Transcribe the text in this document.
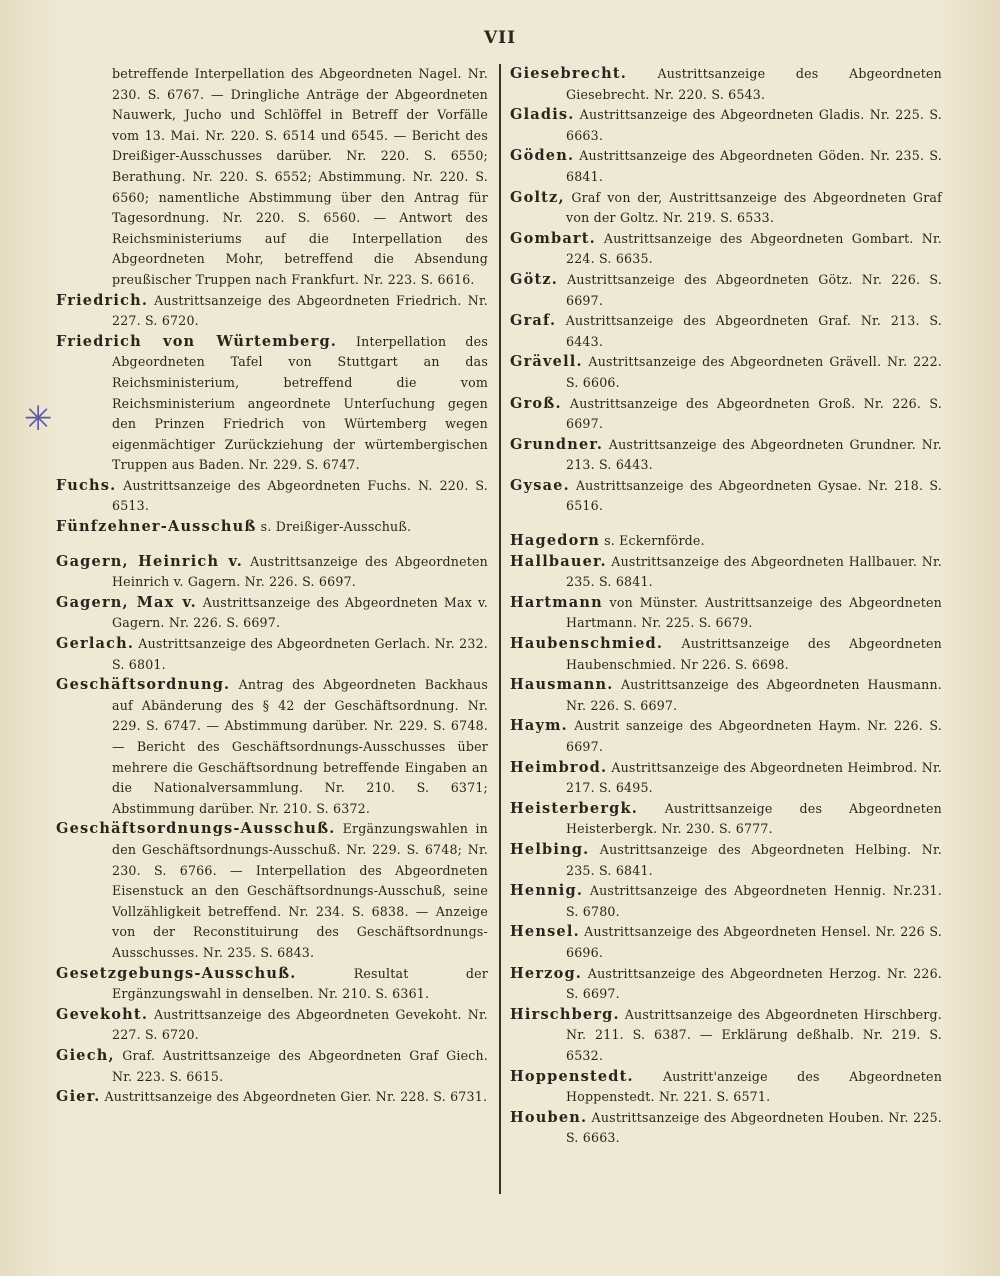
VII
✳

betreffende Interpellation des Abgeordneten Nagel. Nr. 230. S. 6767. — Dringliche Anträge der Abgeordneten Nauwerk, Jucho und Schlöffel in Betreff der Vorfälle vom 13. Mai. Nr. 220. S. 6514 und 6545. — Bericht des Dreißiger-Ausschusses darüber. Nr. 220. S. 6550; Berathung. Nr. 220. S. 6552; Abstimmung. Nr. 220. S. 6560; namentliche Abstimmung über den Antrag für Tagesordnung. Nr. 220. S. 6560. — Antwort des Reichsministeriums auf die Interpellation des Abgeordneten Mohr, betreffend die Absendung preußischer Truppen nach Frankfurt. Nr. 223. S. 6616.

Friedrich. Austrittsanzeige des Abgeordneten Friedrich. Nr. 227. S. 6720.

Friedrich von Würtemberg. Interpellation des Abgeordneten Tafel von Stuttgart an das Reichsministerium, betreffend die vom Reichsministerium angeordnete Unterſuchung gegen den Prinzen Friedrich von Würtemberg wegen eigenmächtiger Zurückziehung der würtembergischen Truppen aus Baden. Nr. 229. S. 6747.

Fuchs. Austrittsanzeige des Abgeordneten Fuchs. N. 220. S. 6513.

Fünfzehner-Ausschuß s. Dreißiger-Ausschuß.

Gagern, Heinrich v. Austrittsanzeige des Abgeordneten Heinrich v. Gagern. Nr. 226. S. 6697.

Gagern, Max v. Austrittsanzeige des Abgeordneten Max v. Gagern. Nr. 226. S. 6697.

Gerlach. Austrittsanzeige des Abgeordneten Gerlach. Nr. 232. S. 6801.

Geschäftsordnung. Antrag des Abgeordneten Backhaus auf Abänderung des § 42 der Geschäftsordnung. Nr. 229. S. 6747. — Abstimmung darüber. Nr. 229. S. 6748. — Bericht des Geschäftsordnungs-Ausschusses über mehrere die Geschäftsordnung betreffende Eingaben an die Nationalversammlung. Nr. 210. S. 6371; Abstimmung darüber. Nr. 210. S. 6372.

Geschäftsordnungs-Ausschuß. Ergänzungswahlen in den Geschäftsordnungs-Ausschuß. Nr. 229. S. 6748; Nr. 230. S. 6766. — Interpellation des Abgeordneten Eisenstuck an den Geschäftsordnungs-Ausschuß, seine Vollzähligkeit betreffend. Nr. 234. S. 6838. — Anzeige von der Reconstituirung des Geschäftsordnungs-Ausschusses. Nr. 235. S. 6843.

Gesetzgebungs-Ausschuß.	Resultat der Ergänzungswahl in denselben. Nr. 210. S. 6361.

Gevekoht. Austrittsanzeige des Abgeordneten Gevekoht. Nr. 227. S. 6720.

Giech, Graf. Austrittsanzeige des Abgeordneten Graf Giech. Nr. 223. S. 6615.

Gier. Austrittsanzeige des Abgeordneten Gier. Nr. 228. S. 6731.

Giesebrecht. Austrittsanzeige des Abgeordneten Giesebrecht. Nr. 220. S. 6543.

Gladis. Austrittsanzeige des Abgeordneten Gladis. Nr. 225. S. 6663.

Göden. Austrittsanzeige des Abgeordneten Göden. Nr. 235. S. 6841.

Goltz, Graf von der, Austrittsanzeige des Abgeordneten Graf von der Goltz. Nr. 219. S. 6533.

Gombart. Austrittsanzeige des Abgeordneten Gombart. Nr. 224. S. 6635.

Götz. Austrittsanzeige des Abgeordneten Götz. Nr. 226. S. 6697.

Graf. Austrittsanzeige des Abgeordneten Graf. Nr. 213. S. 6443.

Grävell. Austrittsanzeige des Abgeordneten Grävell. Nr. 222. S. 6606.

Groß. Austrittsanzeige des Abgeordneten Groß. Nr. 226. S. 6697.

Grundner. Austrittsanzeige des Abgeordneten Grundner. Nr. 213. S. 6443.

Gysae. Austrittsanzeige des Abgeordneten Gysae. Nr. 218. S. 6516.

Hagedorn s. Eckernförde.

Hallbauer. Austrittsanzeige des Abgeordneten Hallbauer. Nr. 235. S. 6841.

Hartmann von Münster. Austrittsanzeige des Abgeordneten Hartmann. Nr. 225. S. 6679.

Haubenschmied. Austrittsanzeige des Abgeordneten Haubenschmied. Nr 226. S. 6698.

Hausmann. Austrittsanzeige des Abgeordneten Hausmann. Nr. 226. S. 6697.

Haym. Austrit sanzeige des Abgeordneten Haym. Nr. 226. S. 6697.

Heimbrod. Austrittsanzeige des Abgeordneten Heimbrod. Nr. 217. S. 6495.

Heisterbergk. Austrittsanzeige des Abgeordneten Heisterbergk. Nr. 230. S. 6777.

Helbing. Austrittsanzeige des Abgeordneten Helbing. Nr. 235. S. 6841.

Hennig. Austrittsanzeige des Abgeordneten Hennig. Nr.231. S. 6780.

Hensel. Austrittsanzeige des Abgeordneten Hensel. Nr. 226 S. 6696.

Herzog. Austrittsanzeige des Abgeordneten Herzog. Nr. 226. S. 6697.

Hirschberg. Austrittsanzeige des Abgeordneten Hirschberg. Nr. 211. S. 6387. — Erklärung deßhalb. Nr. 219. S. 6532.

Hoppenstedt. Austritt'anzeige des Abgeordneten Hoppenstedt. Nr. 221. S. 6571.

Houben. Austrittsanzeige des Abgeordneten Houben. Nr. 225. S. 6663.
